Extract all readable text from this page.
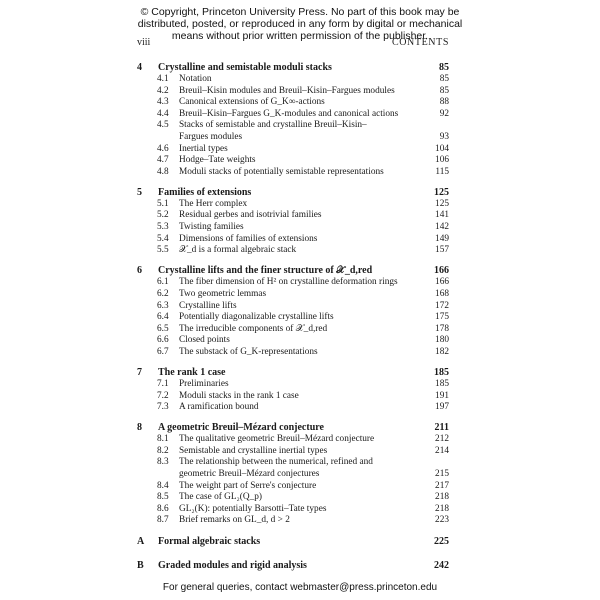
© Copyright, Princeton University Press. No part of this book may be
distributed, posted, or reproduced in any form by digital or mechanical
means without prior written permission of the publisher.
viii	CONTENTS
4 Crystalline and semistable moduli stacks	85
4.1 Notation	85
4.2 Breuil–Kisin modules and Breuil–Kisin–Fargues modules	85
4.3 Canonical extensions of G_K∞-actions	88
4.4 Breuil–Kisin–Fargues G_K-modules and canonical actions	92
4.5 Stacks of semistable and crystalline Breuil–Kisin–
Fargues modules	93
4.6 Inertial types	104
4.7 Hodge–Tate weights	106
4.8 Moduli stacks of potentially semistable representations	115
5 Families of extensions	125
5.1 The Herr complex	125
5.2 Residual gerbes and isotrivial families	141
5.3 Twisting families	142
5.4 Dimensions of families of extensions	149
5.5 𝒳_d is a formal algebraic stack	157
6 Crystalline lifts and the finer structure of 𝒳_d,red	166
6.1 The fiber dimension of H² on crystalline deformation rings	166
6.2 Two geometric lemmas	168
6.3 Crystalline lifts	172
6.4 Potentially diagonalizable crystalline lifts	175
6.5 The irreducible components of 𝒳_d,red	178
6.6 Closed points	180
6.7 The substack of G_K-representations	182
7 The rank 1 case	185
7.1 Preliminaries	185
7.2 Moduli stacks in the rank 1 case	191
7.3 A ramification bound	197
8 A geometric Breuil–Mézard conjecture	211
8.1 The qualitative geometric Breuil–Mézard conjecture	212
8.2 Semistable and crystalline inertial types	214
8.3 The relationship between the numerical, refined and
geometric Breuil–Mézard conjectures	215
8.4 The weight part of Serre's conjecture	217
8.5 The case of GL₂(Q_p)	218
8.6 GL₂(K): potentially Barsotti–Tate types	218
8.7 Brief remarks on GL_d, d > 2	223
A Formal algebraic stacks	225
B Graded modules and rigid analysis	242
For general queries, contact webmaster@press.princeton.edu
